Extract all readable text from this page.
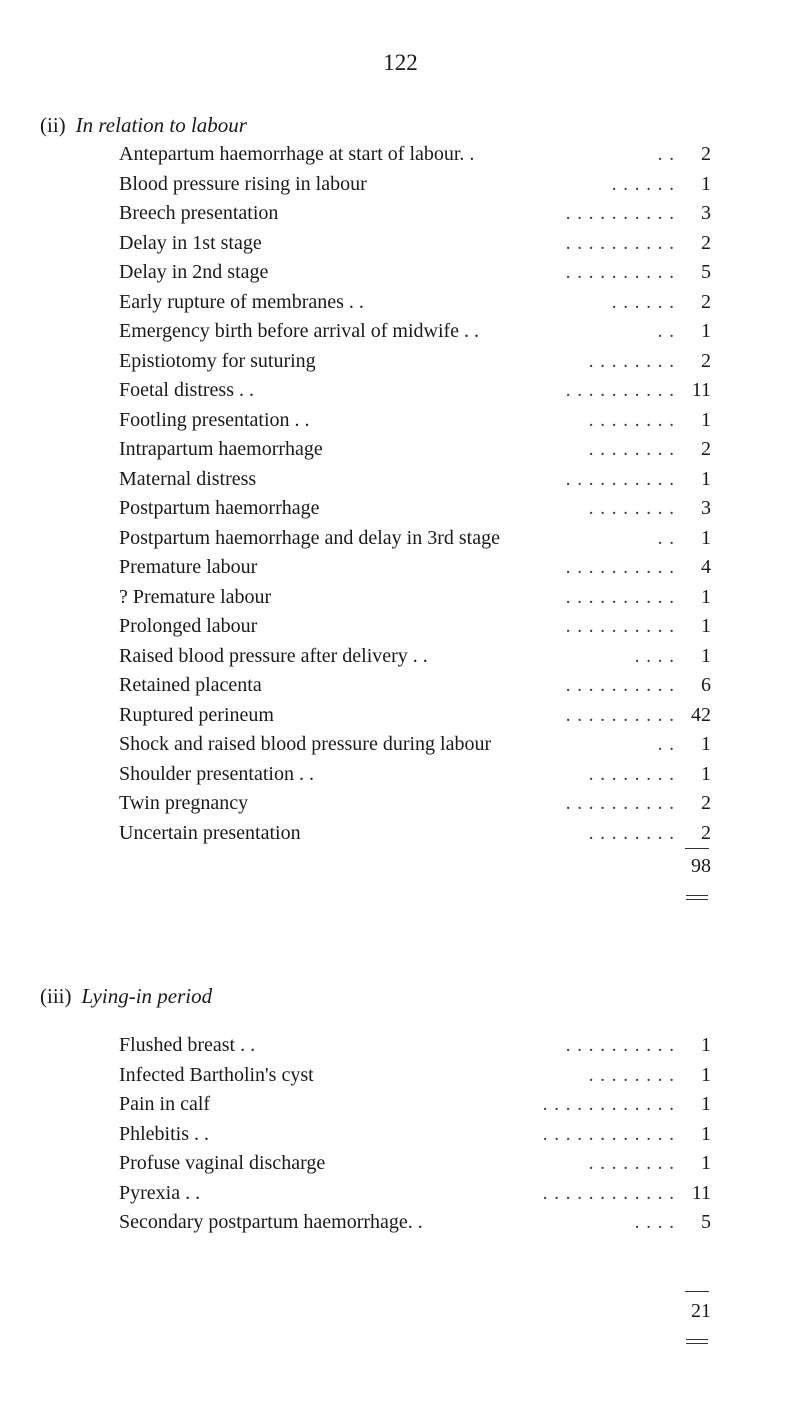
122
(ii) In relation to labour
Antepartum haemorrhage at start of labour. .	. .	2
Blood pressure rising in labour	. . . . . .	1
Breech presentation	. . . . . . . . . .	3
Delay in 1st stage	. . . . . . . . . .	2
Delay in 2nd stage	. . . . . . . . . .	5
Early rupture of membranes . .	. . . . . .	2
Emergency birth before arrival of midwife . .	. .	1
Epistiotomy for suturing	. . . . . . . .	2
Foetal distress . .	. . . . . . . . . . 11
Footling presentation . .	. . . . . . . .	1
Intrapartum haemorrhage	. . . . . . . .	2
Maternal distress	. . . . . . . . . .	1
Postpartum haemorrhage	. . . . . . . .	3
Postpartum haemorrhage and delay in 3rd stage	. .	1
Premature labour	. . . . . . . . . .	4
? Premature labour	. . . . . . . . . .	1
Prolonged labour	. . . . . . . . . .	1
Raised blood pressure after delivery . .	. . . .	1
Retained placenta	. . . . . . . . . .	6
Ruptured perineum	. . . . . . . . . . 42
Shock and raised blood pressure during labour	. .	1
Shoulder presentation . .	. . . . . . . .	1
Twin pregnancy	. . . . . . . . . .	2
Uncertain presentation	. . . . . . . .	2
98
(iii) Lying-in period
Flushed breast . .	. . . . . . . . . .	1
Infected Bartholin's cyst	. . . . . . . .	1
Pain in calf	. . . . . . . . . . . .	1
Phlebitis . .	. . . . . . . . . . . .	1
Profuse vaginal discharge	. . . . . . . .	1
Pyrexia . .	. . . . . . . . . . . . 11
Secondary postpartum haemorrhage. .	. . . .	5
21
